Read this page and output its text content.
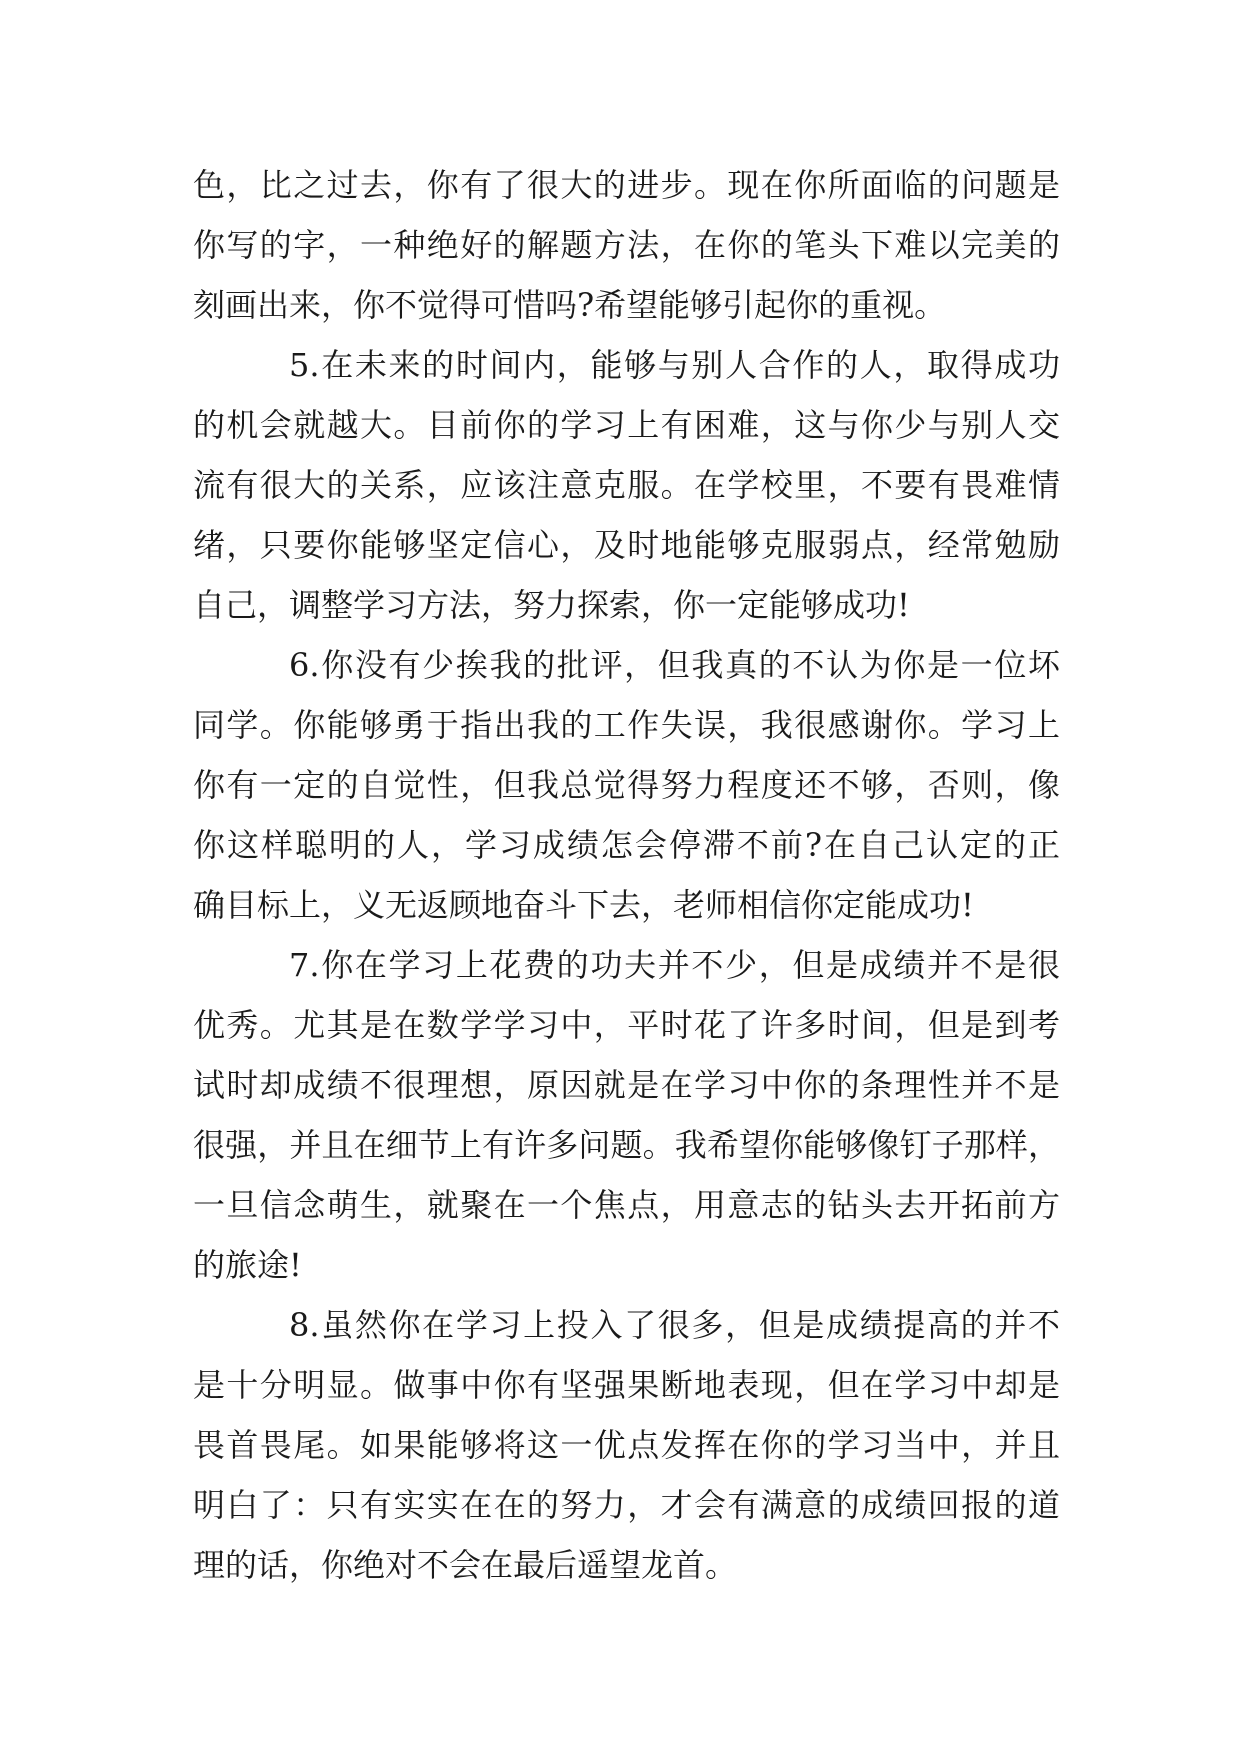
色，比之过去，你有了很大的进步。现在你所面临的问题是
你写的字，一种绝好的解题方法，在你的笔头下难以完美的
刻画出来，你不觉得可惜吗?希望能够引起你的重视。
5.在未来的时间内，能够与别人合作的人，取得成功
的机会就越大。目前你的学习上有困难，这与你少与别人交
流有很大的关系，应该注意克服。在学校里，不要有畏难情
绪，只要你能够坚定信心，及时地能够克服弱点，经常勉励
自己，调整学习方法，努力探索，你一定能够成功!
6.你没有少挨我的批评，但我真的不认为你是一位坏
同学。你能够勇于指出我的工作失误，我很感谢你。学习上
你有一定的自觉性，但我总觉得努力程度还不够，否则，像
你这样聪明的人，学习成绩怎会停滞不前?在自己认定的正
确目标上，义无返顾地奋斗下去，老师相信你定能成功!
7.你在学习上花费的功夫并不少，但是成绩并不是很
优秀。尤其是在数学学习中，平时花了许多时间，但是到考
试时却成绩不很理想，原因就是在学习中你的条理性并不是
很强，并且在细节上有许多问题。我希望你能够像钉子那样，
一旦信念萌生，就聚在一个焦点，用意志的钻头去开拓前方
的旅途!
8.虽然你在学习上投入了很多，但是成绩提高的并不
是十分明显。做事中你有坚强果断地表现，但在学习中却是
畏首畏尾。如果能够将这一优点发挥在你的学习当中，并且
明白了：只有实实在在的努力，才会有满意的成绩回报的道
理的话，你绝对不会在最后遥望龙首。
